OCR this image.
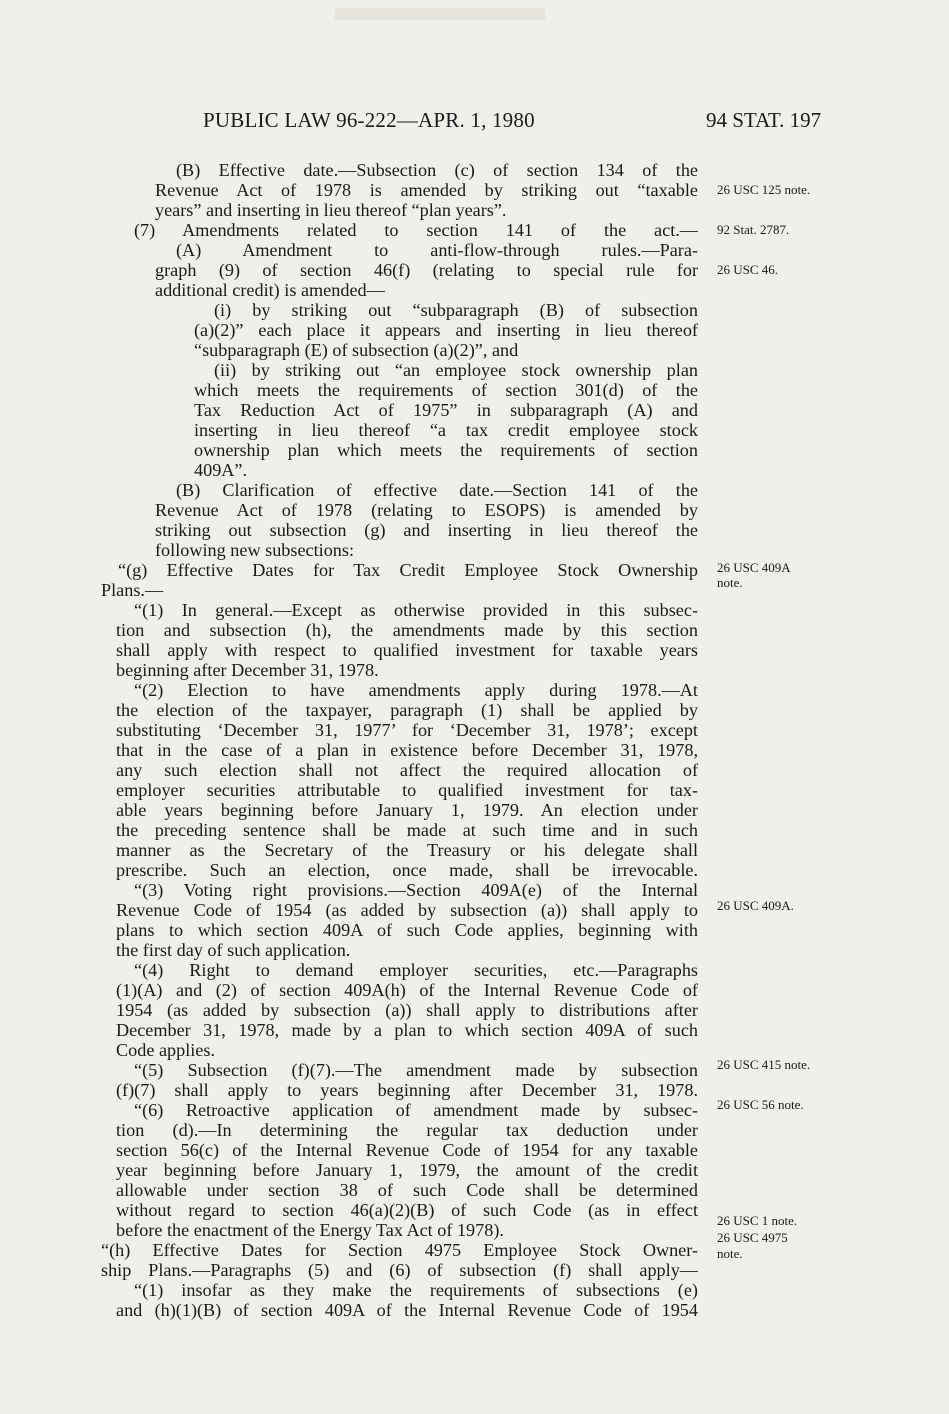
PUBLIC LAW 96-222—APR. 1, 1980	94 STAT. 197
(B) Effective date.—Subsection (c) of section 134 of the
Revenue Act of 1978 is amended by striking out “taxable
years” and inserting in lieu thereof “plan years”.
(7) Amendments related to section 141 of the act.—
(A) Amendment to anti-flow-through rules.—Para-
graph (9) of section 46(f) (relating to special rule for
additional credit) is amended—
(i) by striking out “subparagraph (B) of subsection
(a)(2)” each place it appears and inserting in lieu thereof
“subparagraph (E) of subsection (a)(2)”, and
(ii) by striking out “an employee stock ownership plan
which meets the requirements of section 301(d) of the
Tax Reduction Act of 1975” in subparagraph (A) and
inserting in lieu thereof “a tax credit employee stock
ownership plan which meets the requirements of section
409A”.
(B) Clarification of effective date.—Section 141 of the
Revenue Act of 1978 (relating to ESOPS) is amended by
striking out subsection (g) and inserting in lieu thereof the
following new subsections:
“(g) Effective Dates for Tax Credit Employee Stock Ownership
Plans.—
“(1) In general.—Except as otherwise provided in this subsec-
tion and subsection (h), the amendments made by this section
shall apply with respect to qualified investment for taxable years
beginning after December 31, 1978.
“(2) Election to have amendments apply during 1978.—At
the election of the taxpayer, paragraph (1) shall be applied by
substituting ‘December 31, 1977’ for ‘December 31, 1978’; except
that in the case of a plan in existence before December 31, 1978,
any such election shall not affect the required allocation of
employer securities attributable to qualified investment for tax-
able years beginning before January 1, 1979. An election under
the preceding sentence shall be made at such time and in such
manner as the Secretary of the Treasury or his delegate shall
prescribe. Such an election, once made, shall be irrevocable.
“(3) Voting right provisions.—Section 409A(e) of the Internal
Revenue Code of 1954 (as added by subsection (a)) shall apply to
plans to which section 409A of such Code applies, beginning with
the first day of such application.
“(4) Right to demand employer securities, etc.—Paragraphs
(1)(A) and (2) of section 409A(h) of the Internal Revenue Code of
1954 (as added by subsection (a)) shall apply to distributions after
December 31, 1978, made by a plan to which section 409A of such
Code applies.
“(5) Subsection (f)(7).—The amendment made by subsection
(f)(7) shall apply to years beginning after December 31, 1978.
“(6) Retroactive application of amendment made by subsec-
tion (d).—In determining the regular tax deduction under
section 56(c) of the Internal Revenue Code of 1954 for any taxable
year beginning before January 1, 1979, the amount of the credit
allowable under section 38 of such Code shall be determined
without regard to section 46(a)(2)(B) of such Code (as in effect
before the enactment of the Energy Tax Act of 1978).
“(h) Effective Dates for Section 4975 Employee Stock Owner-
ship Plans.—Paragraphs (5) and (6) of subsection (f) shall apply—
“(1) insofar as they make the requirements of subsections (e)
and (h)(1)(B) of section 409A of the Internal Revenue Code of 1954
26 USC 125 note.
92 Stat. 2787.
26 USC 46.
26 USC 409A
note.
26 USC 409A.
26 USC 415 note.
26 USC 56 note.
26 USC 1 note.
26 USC 4975
note.
